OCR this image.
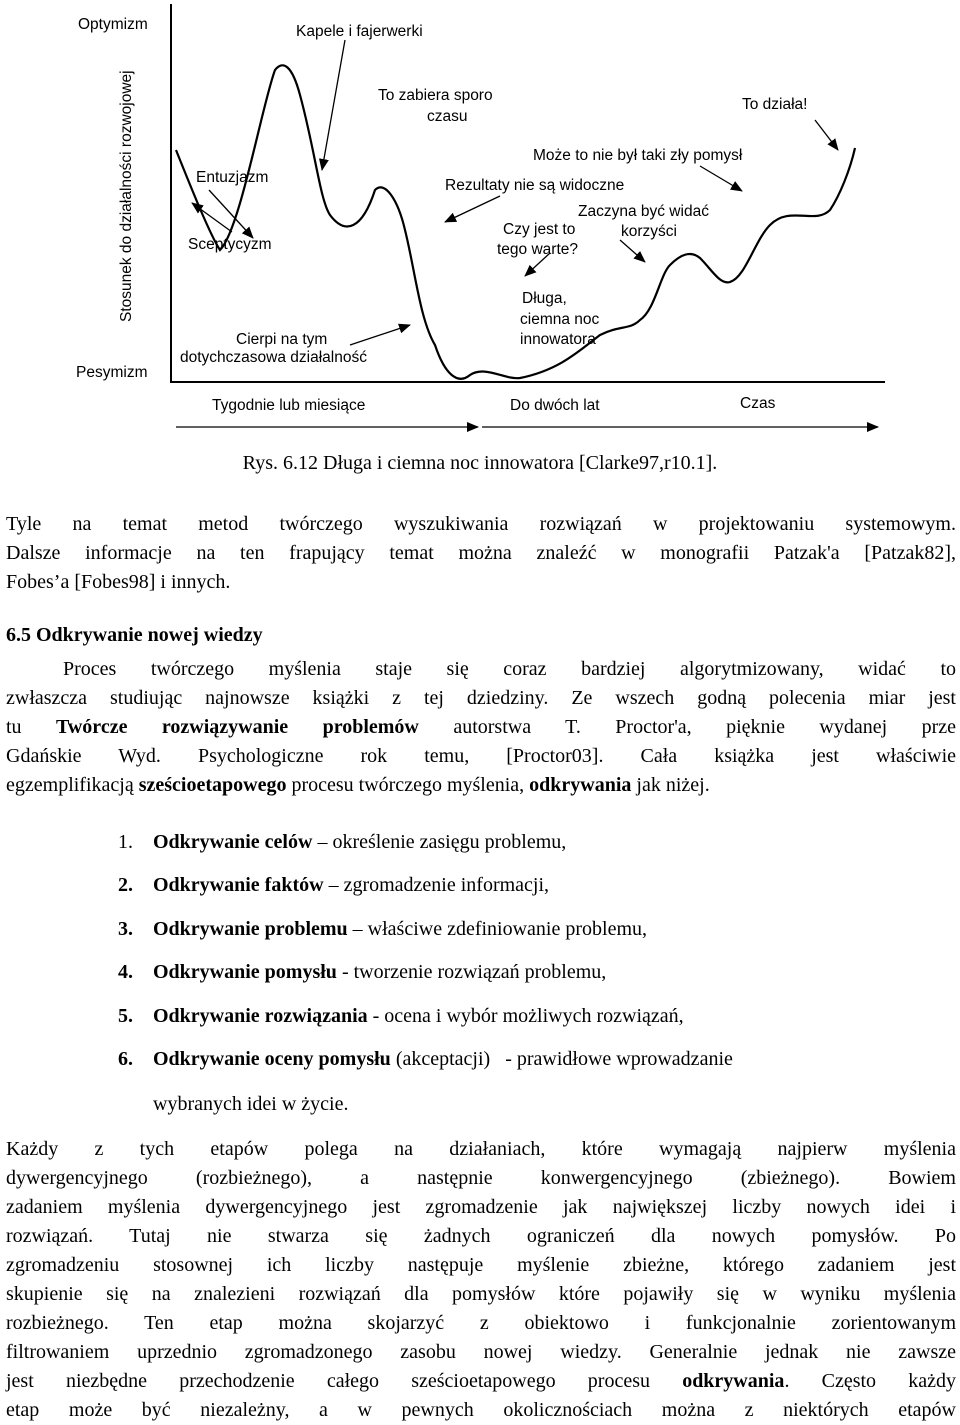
Optymizm
Pesymizm
Stosunek do działalności rozwojowej
Kapele i fajerwerki
To zabiera sporo
czasu
To działa!
Może to nie był taki zły pomysł
Entuzjazm	Rezultaty nie są widoczne
Zaczyna być widać
korzyści
Czy jest to
tego warte?
Sceptycyzm
Długa,
ciemna noc
innowatora
Cierpi na tym
dotychczasowa działalność
Tygodnie lub miesiące	Do dwóch lat	Czas
Rys. 6.12 Długa i ciemna noc innowatora [Clarke97,r10.1].
Tyle na temat metod twórczego wyszukiwania rozwiązań w projektowaniu systemowym.
Dalsze informacje na ten frapujący temat można znaleźć w monografii Patzak'a [Patzak82],
Fobes’a [Fobes98] i innych.
6.5 Odkrywanie nowej wiedzy
Proces twórczego myślenia staje się coraz bardziej algorytmizowany, widać to
zwłaszcza studiując najnowsze książki z tej dziedziny. Ze wszech godną polecenia miar jest
tu Twórcze rozwiązywanie problemów autorstwa T. Proctor'a, pięknie wydanej prze
Gdańskie Wyd. Psychologiczne rok temu, [Proctor03]. Cała książka jest właściwie
egzemplifikacją sześcioetapowego procesu twórczego myślenia, odkrywania jak niżej.
1. Odkrywanie celów – określenie zasięgu problemu,
2. Odkrywanie faktów – zgromadzenie informacji,
3. Odkrywanie problemu – właściwe zdefiniowanie problemu,
4. Odkrywanie pomysłu - tworzenie rozwiązań problemu,
5. Odkrywanie rozwiązania - ocena i wybór możliwych rozwiązań,
6. Odkrywanie oceny pomysłu (akceptacji)   - prawidłowe wprowadzanie
wybranych idei w życie.
Każdy z tych etapów polega na działaniach, które wymagają najpierw myślenia
dywergencyjnego (rozbieżnego), a następnie konwergencyjnego (zbieżnego). Bowiem
zadaniem myślenia dywergencyjnego jest zgromadzenie jak największej liczby nowych idei i
rozwiązań. Tutaj nie stwarza się żadnych ograniczeń dla nowych pomysłów. Po
zgromadzeniu stosownej ich liczby następuje myślenie zbieżne, którego zadaniem jest
skupienie się na znalezieni rozwiązań dla pomysłów które pojawiły się w wyniku myślenia
rozbieżnego. Ten etap można skojarzyć z obiektowo i funkcjonalnie zorientowanym
filtrowaniem uprzednio zgromadzonego zasobu nowej wiedzy. Generalnie jednak nie zawsze
jest niezbędne przechodzenie całego sześcioetapowego procesu odkrywania. Często każdy
etap może być niezależny, a w pewnych okolicznościach można z niektórych etapów
